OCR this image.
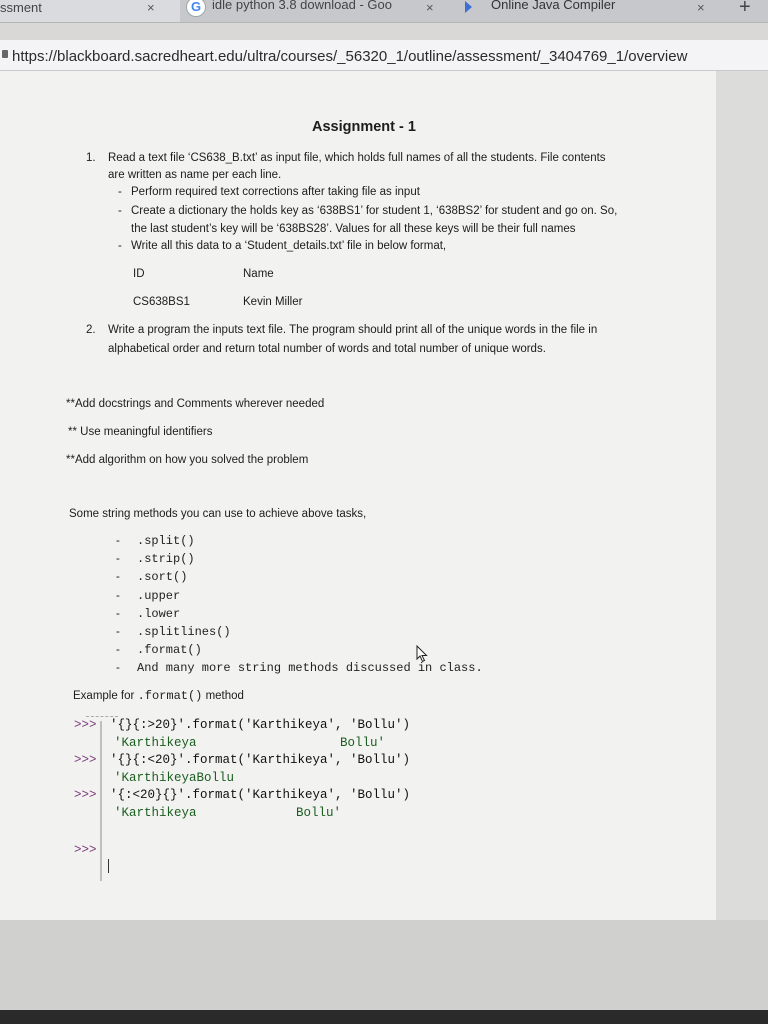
ssment	×	G idle python 3.8 download - Goo	×	Online Java Compiler	× +
https://blackboard.sacredheart.edu/ultra/courses/_56320_1/outline/assessment/_3404769_1/overview
Assignment - 1
1. Read a text file ‘CS638_B.txt’ as input file, which holds full names of all the students. File contents
are written as name per each line.
- Perform required text corrections after taking file as input
- Create a dictionary the holds key as ‘638BS1’ for student 1, ‘638BS2’ for student and go on. So,
the last student’s key will be ‘638BS28’. Values for all these keys will be their full names
- Write all this data to a ‘Student_details.txt’ file in below format,
ID	Name
CS638BS1	Kevin Miller
2. Write a program the inputs text file. The program should print all of the unique words in the file in
alphabetical order and return total number of words and total number of unique words.
**Add docstrings and Comments wherever needed
** Use meaningful identifiers
**Add algorithm on how you solved the problem
Some string methods you can use to achieve above tasks,
- .split()
- .strip()
- .sort()
- .upper
- .lower
- .splitlines()
- .format()
- And many more string methods discussed in class.
Example for .format() method
>>> '{}{:>20}'.format('Karthikeya', 'Bollu')
'Karthikeya	Bollu'
>>> '{}{:<20}'.format('Karthikeya', 'Bollu')
'KarthikeyaBollu
>>> '{:<20}{}'.format('Karthikeya', 'Bollu')
'Karthikeya	Bollu'
>>>
